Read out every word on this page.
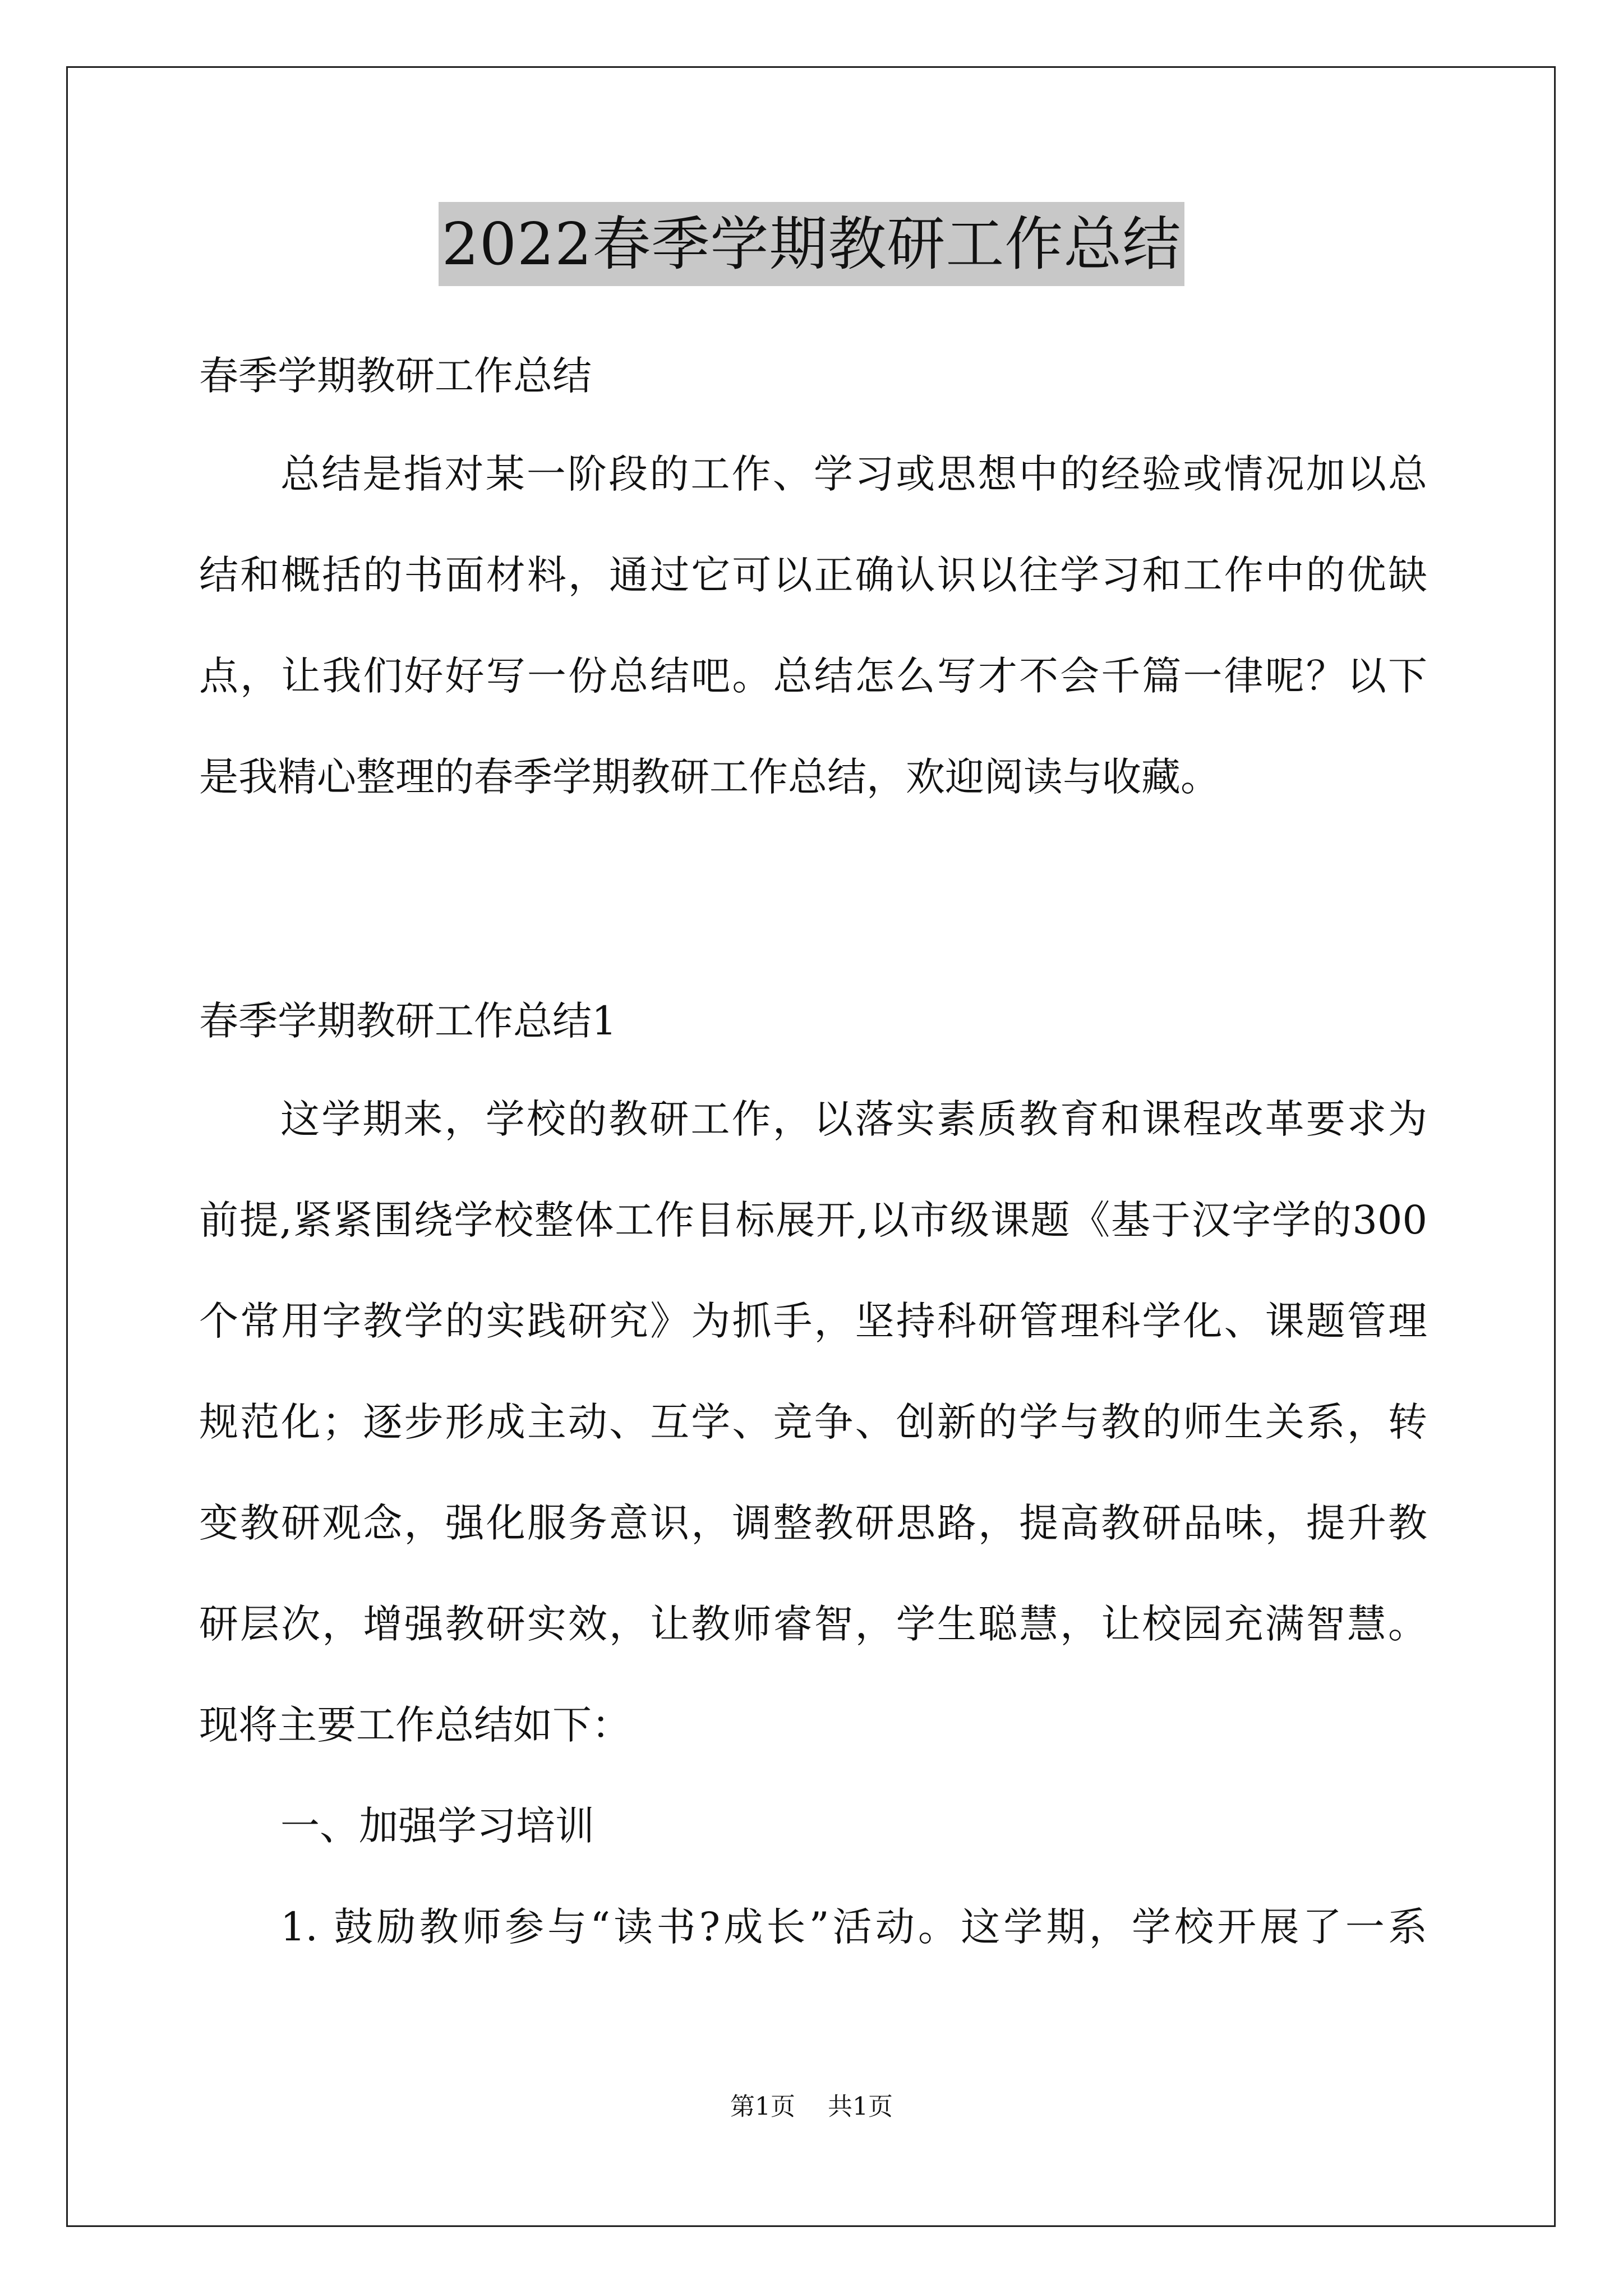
2022春季学期教研工作总结
春季学期教研工作总结
总结是指对某一阶段的工作、学习或思想中的经验或情况加以总
结和概括的书面材料，通过它可以正确认识以往学习和工作中的优缺
点，让我们好好写一份总结吧。总结怎么写才不会千篇一律呢？以下
是我精心整理的春季学期教研工作总结，欢迎阅读与收藏。
春季学期教研工作总结1
这学期来，学校的教研工作，以落实素质教育和课程改革要求为
前提,紧紧围绕学校整体工作目标展开,以市级课题《基于汉字学的300
个常用字教学的实践研究》为抓手，坚持科研管理科学化、课题管理
规范化；逐步形成主动、互学、竞争、创新的学与教的师生关系，转
变教研观念，强化服务意识，调整教研思路，提高教研品味，提升教
研层次，增强教研实效，让教师睿智，学生聪慧，让校园充满智慧。
现将主要工作总结如下：
一、加强学习培训
1. 鼓励教师参与“读书?成长”活动。这学期，学校开展了一系
第1页 共1页
